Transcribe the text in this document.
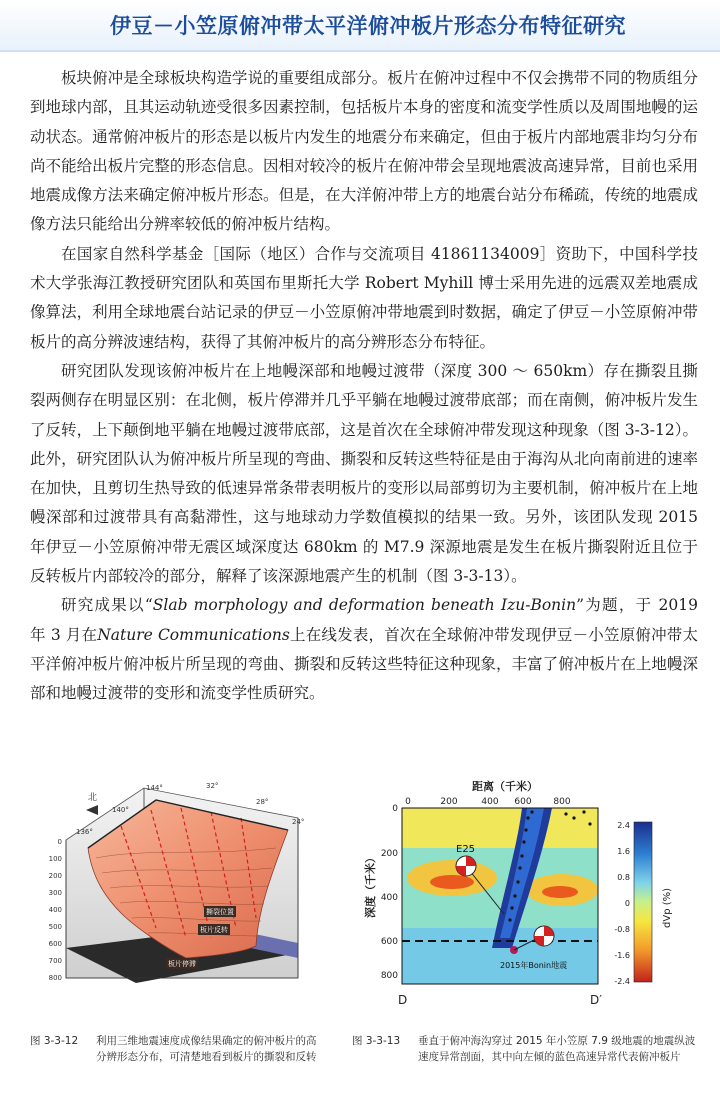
伊豆－小笠原俯冲带太平洋俯冲板片形态分布特征研究

板块俯冲是全球板块构造学说的重要组成部分。板片在俯冲过程中不仅会携带不同的物质组分到地球内部，且其运动轨迹受很多因素控制，包括板片本身的密度和流变学性质以及周围地幔的运动状态。通常俯冲板片的形态是以板片内发生的地震分布来确定，但由于板片内部地震非均匀分布尚不能给出板片完整的形态信息。因相对较冷的板片在俯冲带会呈现地震波高速异常，目前也采用地震成像方法来确定俯冲板片形态。但是，在大洋俯冲带上方的地震台站分布稀疏，传统的地震成像方法只能给出分辨率较低的俯冲板片结构。

在国家自然科学基金［国际（地区）合作与交流项目 41861134009］资助下，中国科学技术大学张海江教授研究团队和英国布里斯托大学 Robert Myhill 博士采用先进的远震双差地震成像算法，利用全球地震台站记录的伊豆－小笠原俯冲带地震到时数据，确定了伊豆－小笠原俯冲带板片的高分辨波速结构，获得了其俯冲板片的高分辨形态分布特征。

研究团队发现该俯冲板片在上地幔深部和地幔过渡带（深度 300 ～ 650km）存在撕裂且撕裂两侧存在明显区别：在北侧，板片停滞并几乎平躺在地幔过渡带底部；而在南侧，俯冲板片发生了反转，上下颠倒地平躺在地幔过渡带底部，这是首次在全球俯冲带发现这种现象（图 3-3-12）。此外，研究团队认为俯冲板片所呈现的弯曲、撕裂和反转这些特征是由于海沟从北向南前进的速率在加快，且剪切生热导致的低速异常条带表明板片的变形以局部剪切为主要机制，俯冲板片在上地幔深部和过渡带具有高黏滞性，这与地球动力学数值模拟的结果一致。另外，该团队发现 2015 年伊豆－小笠原俯冲带无震区域深度达 680km 的 M7.9 深源地震是发生在板片撕裂附近且位于反转板片内部较冷的部分，解释了该深源地震产生的机制（图 3-3-13）。

研究成果以“Slab morphology and deformation beneath Izu-Bonin”为题，于 2019 年 3 月在Nature Communications上在线发表，首次在全球俯冲带发现伊豆－小笠原俯冲带太平洋俯冲板片俯冲板片所呈现的弯曲、撕裂和反转这些特征这种现象，丰富了俯冲板片在上地幔深部和地幔过渡带的变形和流变学性质研究。

0
100
200
300
400
500
600
700
800
136°
140°
144°	32°
28°
24°
北
撕裂位置
板片反转
板片停滞
距离（千米）
0	200	400 600 800
E25
2015年Bonin地震
0
200
400
600
800
深度（千米）
D	D′
2.4
1.6
0.8
0
-0.8
-1.6
-2.4
dVp (%)
图 3-3-12 利用三维地震速度成像结果确定的俯冲板片的高分辨形态分布，可清楚地看到板片的撕裂和反转
图 3-3-13 垂直于俯冲海沟穿过 2015 年小笠原 7.9 级地震的地震纵波速度异常剖面，其中向左倾的蓝色高速异常代表俯冲板片
